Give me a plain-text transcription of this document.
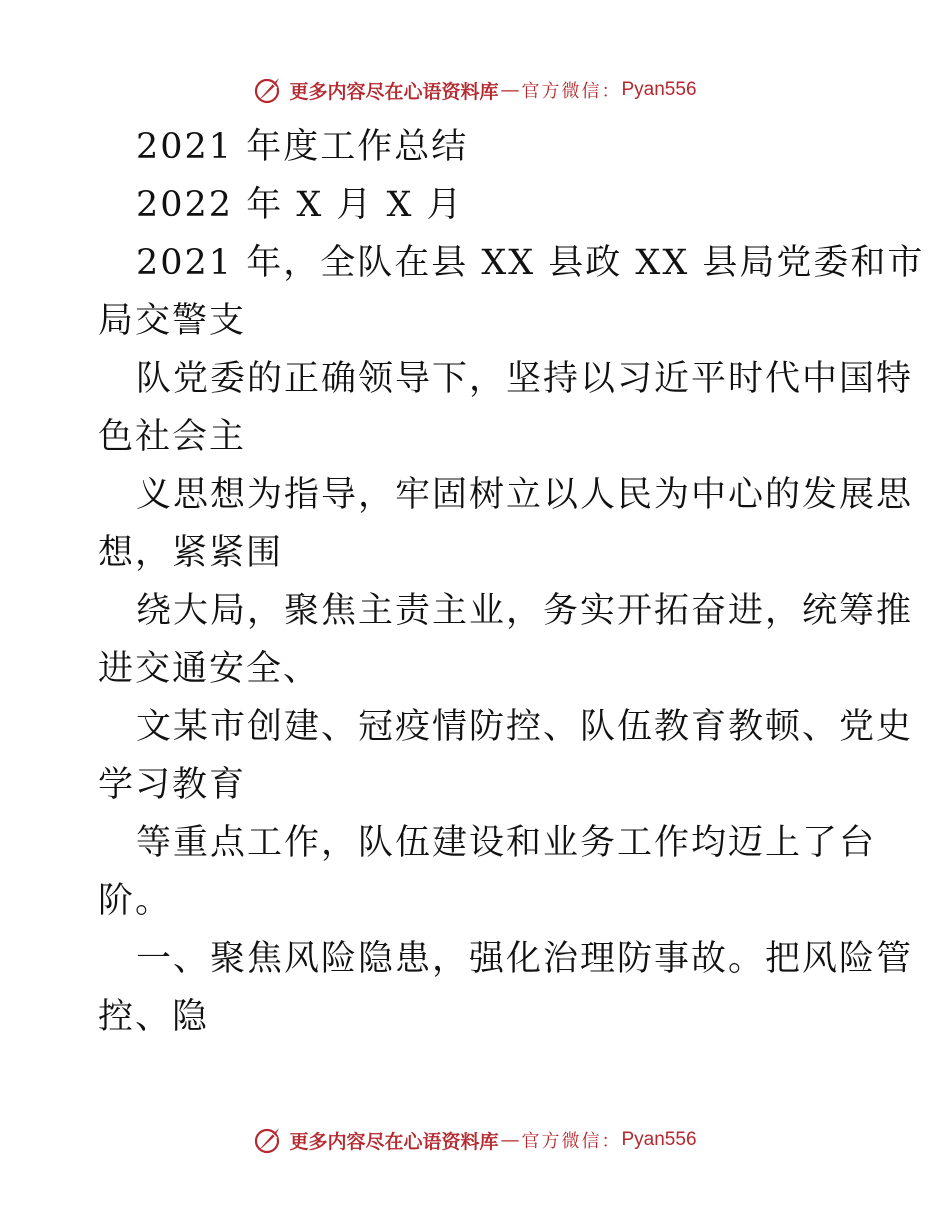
更多内容尽在心语资料库 — 官方微信： Pyan556
2021 年度工作总结
2022 年 X 月 X 月
2021 年，全队在县 XX 县政 XX 县局党委和市
局交警支
队党委的正确领导下，坚持以习近平时代中国特
色社会主
义思想为指导，牢固树立以人民为中心的发展思
想，紧紧围
绕大局，聚焦主责主业，务实开拓奋进，统筹推
进交通安全、
文某市创建、冠疫情防控、队伍教育教顿、党史
学习教育
等重点工作，队伍建设和业务工作均迈上了台
阶。
一、聚焦风险隐患，强化治理防事故。把风险管
控、隐
更多内容尽在心语资料库 — 官方微信： Pyan556
